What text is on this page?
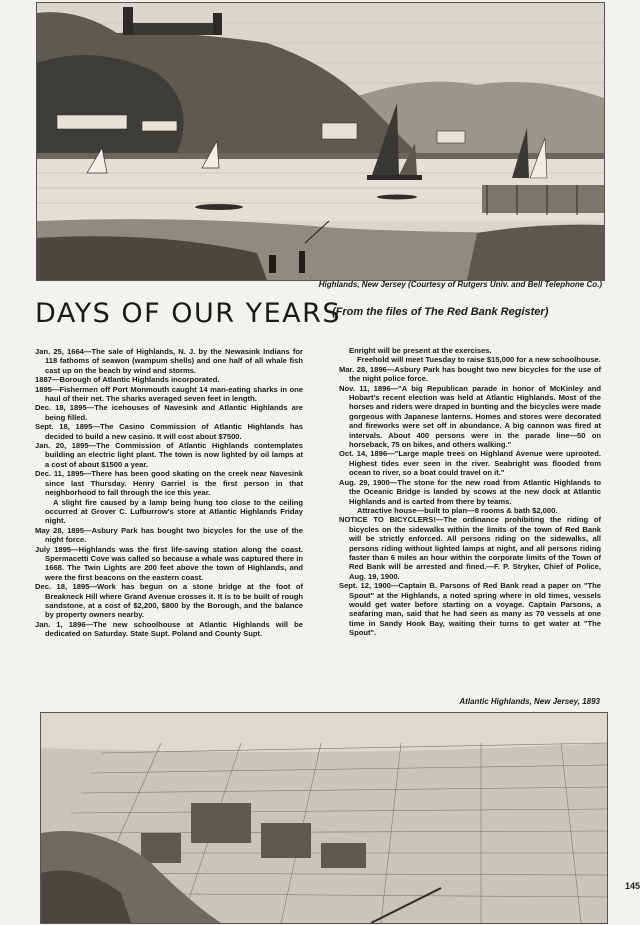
Highlands, New Jersey (Courtesy of Rutgers Univ. and Bell Telephone Co.)
DAYS OF OUR YEARS
(From the files of The Red Bank Register)
Jan. 25, 1664—The sale of Highlands, N. J. by the Newasink Indians for 118 fathoms of seawon (wampum shells) and one half of all whale fish cast up on the beach by wind and storms.
1887—Borough of Atlantic Highlands incorporated.
1895—Fishermen off Port Monmouth caught 14 man-eating sharks in one haul of their net. The sharks averaged seven feet in length.
Dec. 18, 1895—The icehouses of Navesink and Atlantic Highlands are being filled.
Sept. 18, 1895—The Casino Commission of Atlantic Highlands has decided to build a new casino. It will cost about $7500.
Jan. 20, 1895—The Commission of Atlantic Highlands contemplates building an electric light plant. The town is now lighted by oil lamps at a cost of about $1500 a year.
Dec. 11, 1895—There has been good skating on the creek near Navesink since last Thursday. Henry Garriel is the first person in that neighborhood to fall through the ice this year.
A slight fire caused by a lamp being hung too close to the ceiling occurred at Grover C. Lufburrow's store at Atlantic Highlands Friday night.
May 28, 1895—Asbury Park has bought two bicycles for the use of the night force.
July 1895—Highlands was the first life-saving station along the coast. Spermacetti Cove was called so because a whale was captured there in 1668. The Twin Lights are 200 feet above the town of Highlands, and were the first beacons on the eastern coast.
Dec. 18, 1895—Work has begun on a stone bridge at the foot of Breakneck Hill where Grand Avenue crosses it. It is to be built of rough sandstone, at a cost of $2,200, $800 by the Borough, and the balance by property owners nearby.
Jan. 1, 1896—The new schoolhouse at Atlantic Highlands will be dedicated on Saturday. State Supt. Poland and County Supt.
Enright will be present at the exercises.
Freehold will meet Tuesday to raise $15,000 for a new schoolhouse.
Mar. 28, 1896—Asbury Park has bought two new bicycles for the use of the night police force.
Nov. 11, 1896—"A big Republican parade in honor of McKinley and Hobart's recent election was held at Atlantic Highlands. Most of the horses and riders were draped in bunting and the bicycles were made gorgeous with Japanese lanterns. Homes and stores were decorated and fireworks were set off in abundance. A big cannon was fired at intervals. About 400 persons were in the parade line—50 on horseback, 75 on bikes, and others walking."
Oct. 14, 1896—"Large maple trees on Highland Avenue were uprooted. Highest tides ever seen in the river. Seabright was flooded from ocean to river, so a boat could travel on it."
Aug. 29, 1900—The stone for the new road from Atlantic Highlands to the Oceanic Bridge is landed by scows at the new dock at Atlantic Highlands and is carted from there by teams.
Attractive house—built to plan—8 rooms & bath $2,000.
NOTICE TO BICYCLERS!—The ordinance prohibiting the riding of bicycles on the sidewalks within the limits of the town of Red Bank will be strictly enforced. All persons riding on the sidewalks, all persons riding without lighted lamps at night, and all persons riding faster than 6 miles an hour within the corporate limits of the Town of Red Bank will be arrested and fined.—F. P. Stryker, Chief of Police, Aug. 19, 1900.
Sept. 12, 1900—Captain B. Parsons of Red Bank read a paper on "The Spout" at the Highlands, a noted spring where in old times, vessels would get water before starting on a voyage. Captain Parsons, a seafaring man, said that he had seen as many as 70 vessels at one time in Sandy Hook Bay, waiting their turns to get water at "The Spout".
Atlantic Highlands, New Jersey, 1893
145
